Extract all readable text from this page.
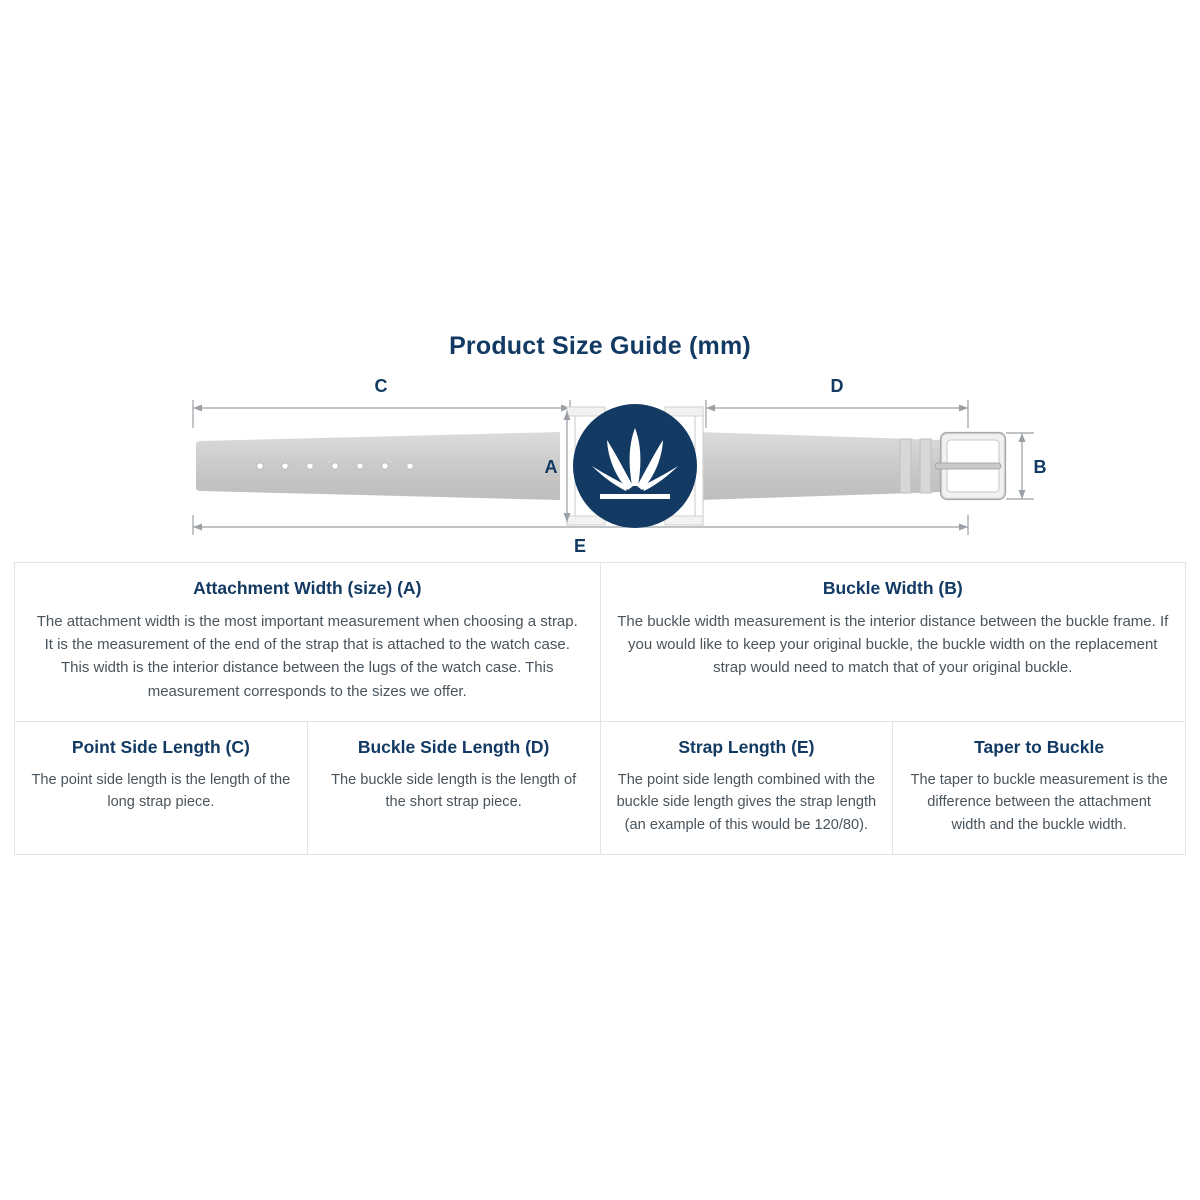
Product Size Guide (mm)
C	D
A	B
E
Attachment Width (size) (A)
The attachment width is the most important measurement when choosing a strap. It is the measurement of the end of the strap that is attached to the watch case. This width is the interior distance between the lugs of the watch case. This measurement corresponds to the sizes we offer.

Buckle Width (B)
The buckle width measurement is the interior distance between the buckle frame. If you would like to keep your original buckle, the buckle width on the replacement strap would need to match that of your original buckle.

Point Side Length (C)
The point side length is the length of the long strap piece.

Buckle Side Length (D)
The buckle side length is the length of the short strap piece.

Strap Length (E)
The point side length combined with the buckle side length gives the strap length (an example of this would be 120/80).

Taper to Buckle
The taper to buckle measurement is the difference between the attachment width and the buckle width.
